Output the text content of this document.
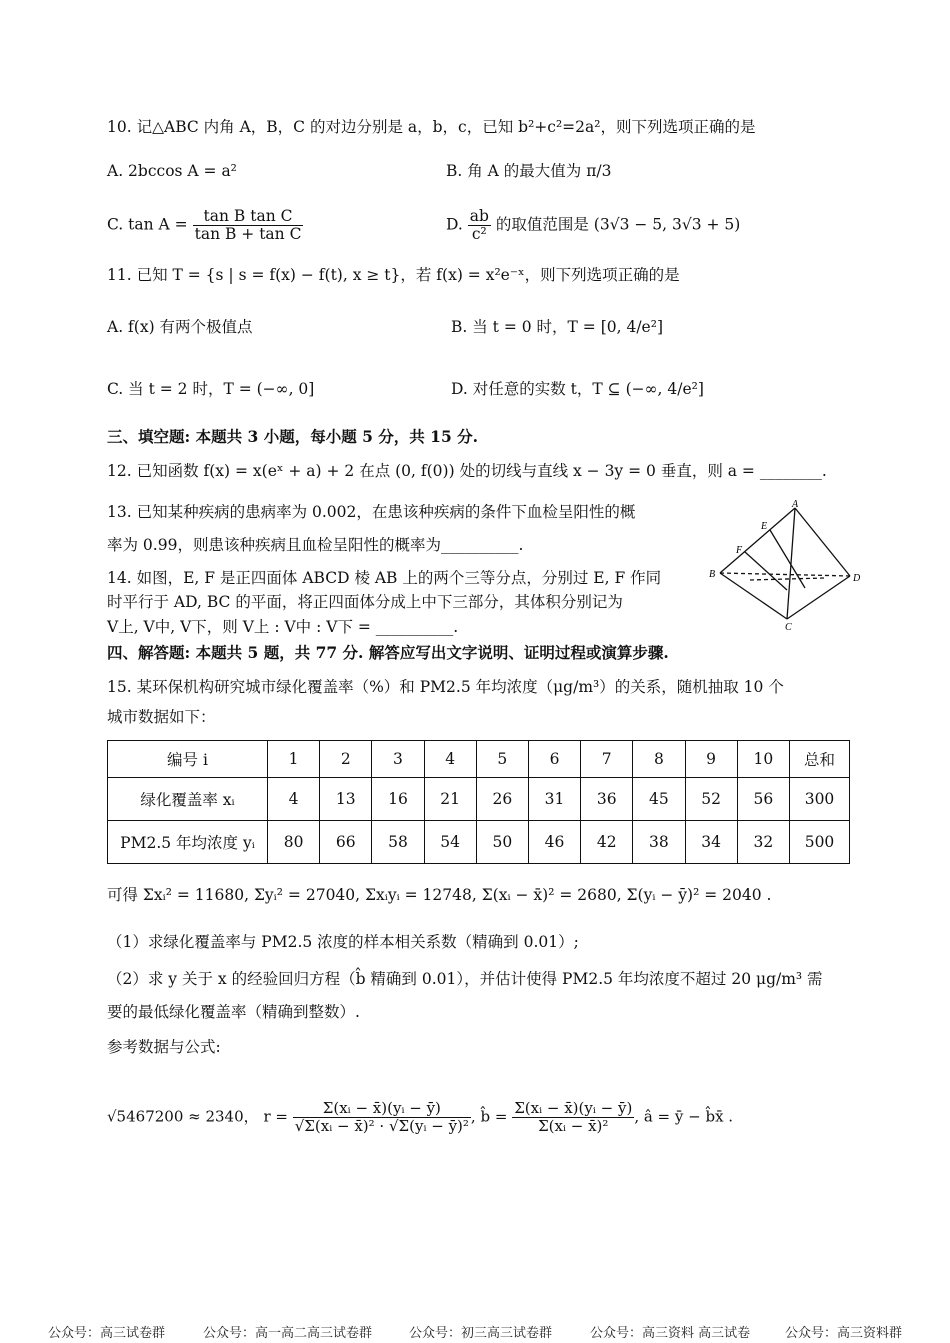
10. 记△ABC 内角 A，B，C 的对边分别是 a，b，c，已知 b²+c²=2a²，则下列选项正确的是
A. 2bccos A = a²	B. 角 A 的最大值为 π/3
C. $\tan A = \frac{\text{tan B tan C}}{\text{tan B + tan C}}$	D. $\frac{ab}{\text{c²}}$ 的取值范围是 (3√3 − 5, 3√3 + 5)
11. 已知 T = {s | s = f(x) − f(t), x ≥ t}，若 f(x) = x²e⁻ˣ，则下列选项正确的是
A. f(x) 有两个极值点	B. 当 t = 0 时，T = [0, 4/e²]
C. 当 t = 2 时，T = (−∞, 0]	D. 对任意的实数 t，T ⊆ (−∞, 4/e²]
三、填空题: 本题共 3 小题，每小题 5 分，共 15 分.
12. 已知函数 f(x) = x(eˣ + a) + 2 在点 (0, f(0)) 处的切线与直线 x − 3y = 0 垂直，则 a = ________.
13. 已知某种疾病的患病率为 0.002，在患该种疾病的条件下血检呈阳性的概
率为 0.99，则患该种疾病且血检呈阳性的概率为__________.
14. 如图，E, F 是正四面体 ABCD 棱 AB 上的两个三等分点，分别过 E, F 作同
时平行于 AD, BC 的平面，将正四面体分成上中下三部分，其体积分别记为
V上, V中, V下，则 V上 : V中 : V下 = __________.
A
E
F
B	D
C
四、解答题: 本题共 5 题，共 77 分. 解答应写出文字说明、证明过程或演算步骤.
15. 某环保机构研究城市绿化覆盖率（%）和 PM2.5 年均浓度（μg/m³）的关系，随机抽取 10 个
城市数据如下：
编号 i	1	2	3	4	5	6	7	8	9	10	总和
绿化覆盖率 xᵢ	4	13	16	21	26	31	36	45	52	56	300
PM2.5 年均浓度 yᵢ	80	66	58	54	50	46	42	38	34	32	500
可得 Σxᵢ² = 11680, Σyᵢ² = 27040, Σxᵢyᵢ = 12748, Σ(xᵢ − x̄)² = 2680, Σ(yᵢ − ȳ)² = 2040 .
（1）求绿化覆盖率与 PM2.5 浓度的样本相关系数（精确到 0.01）;
（2）求 y 关于 x 的经验回归方程（b̂ 精确到 0.01），并估计使得 PM2.5 年均浓度不超过 20 μg/m³ 需
要的最低绿化覆盖率（精确到整数）.
参考数据与公式:
√5467200 ≈ 2340， $r = \frac{\text{Σ(xᵢ − x̄)(yᵢ − ȳ)}}{\text{√Σ(xᵢ − x̄)² · √Σ(yᵢ − ȳ)²}}$ , b̂ = $\frac{\text{Σ(xᵢ − x̄)(yᵢ − ȳ)}}{\text{Σ(xᵢ − x̄)²}}$ , â = ȳ − b̂x̄ .
公众号：高三试卷群	公众号：高一高二高三试卷群	公众号：初三高三试卷群	公众号：高三资料 高三试卷	公众号：高三资料群
